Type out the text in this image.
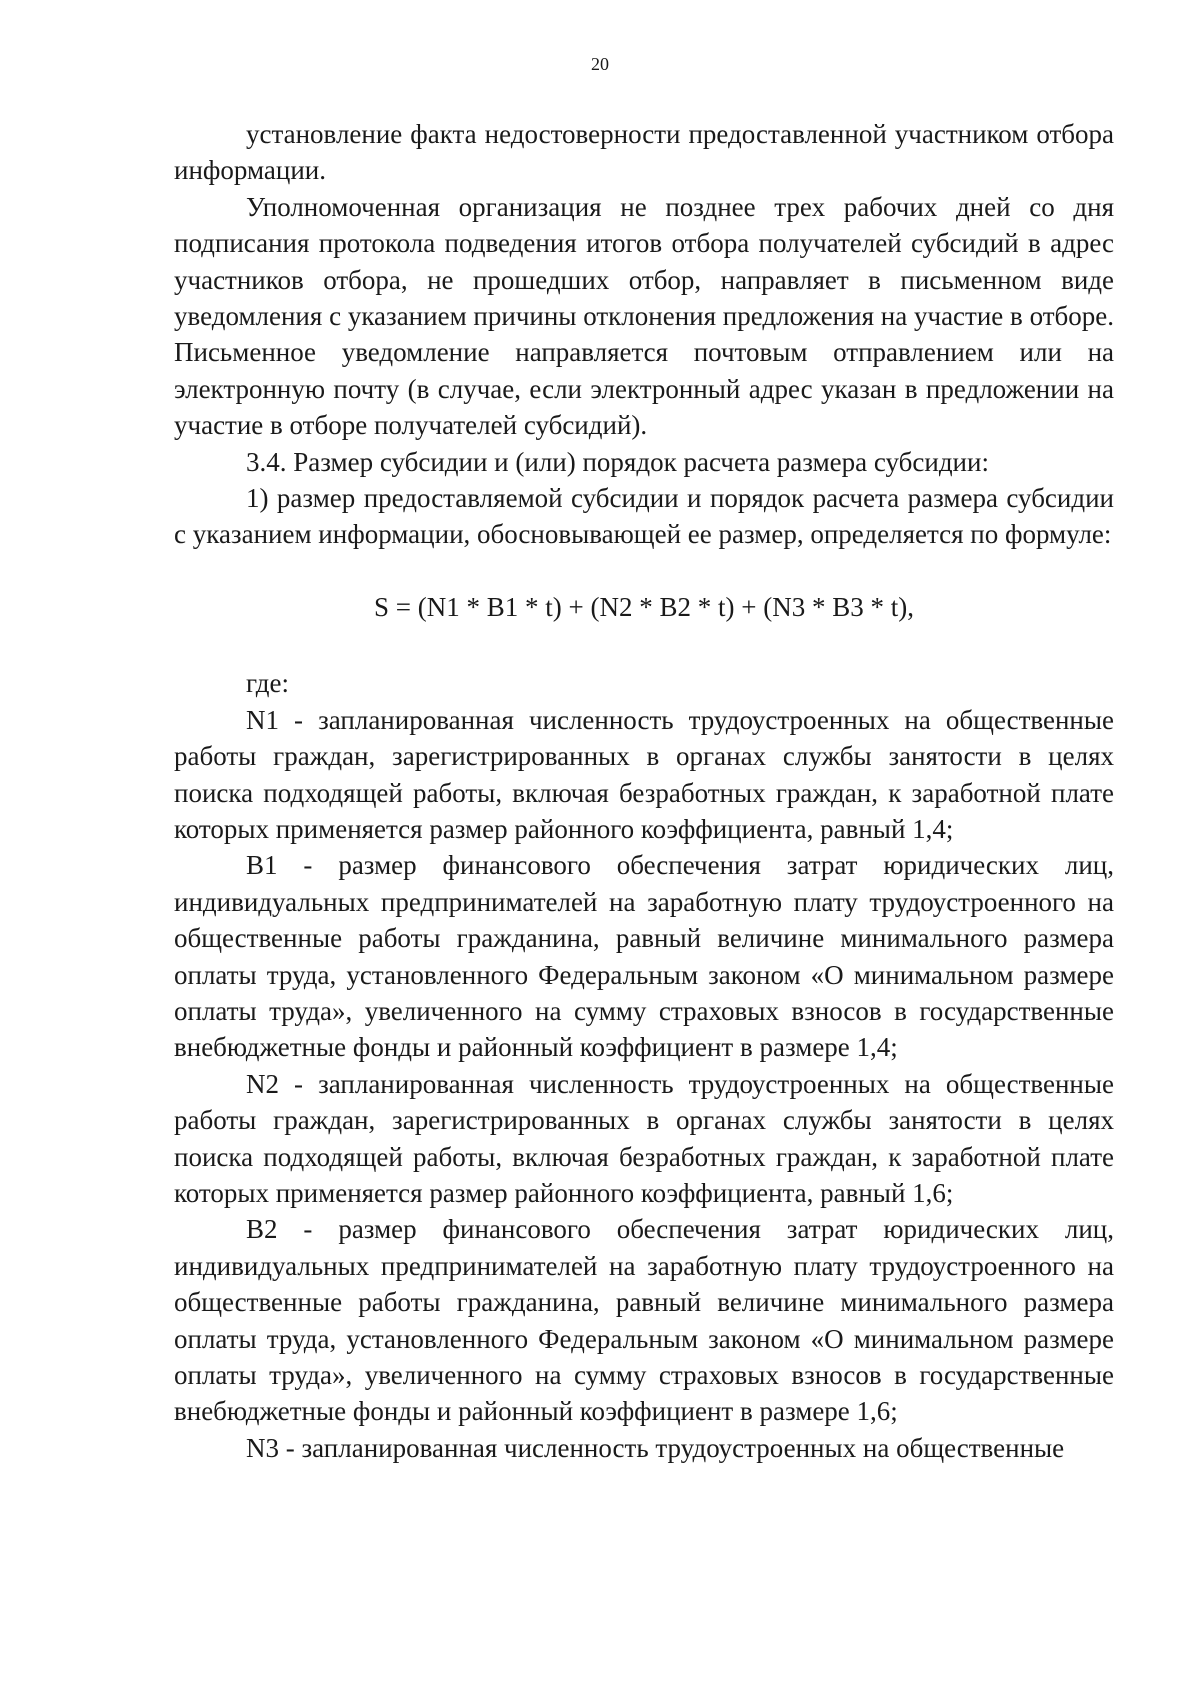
20

установление факта недостоверности предоставленной участником отбора информации.

Уполномоченная организация не позднее трех рабочих дней со дня подписания протокола подведения итогов отбора получателей субсидий в адрес участников отбора, не прошедших отбор, направляет в письменном виде уведомления с указанием причины отклонения предложения на участие в отборе. Письменное уведомление направляется почтовым отправлением или на электронную почту (в случае, если электронный адрес указан в предложении на участие в отборе получателей субсидий).

3.4. Размер субсидии и (или) порядок расчета размера субсидии:

1) размер предоставляемой субсидии и порядок расчета размера субсидии с указанием информации, обосновывающей ее размер, определяется по формуле:

S = (N1 * B1 * t) + (N2 * B2 * t) + (N3 * B3 * t),

где:

N1 - запланированная численность трудоустроенных на общественные работы граждан, зарегистрированных в органах службы занятости в целях поиска подходящей работы, включая безработных граждан, к заработной плате которых применяется размер районного коэффициента, равный 1,4;

B1 - размер финансового обеспечения затрат юридических лиц, индивидуальных предпринимателей на заработную плату трудоустроенного на общественные работы гражданина, равный величине минимального размера оплаты труда, установленного Федеральным законом «О минимальном размере оплаты труда», увеличенного на сумму страховых взносов в государственные внебюджетные фонды и районный коэффициент в размере 1,4;

N2 - запланированная численность трудоустроенных на общественные работы граждан, зарегистрированных в органах службы занятости в целях поиска подходящей работы, включая безработных граждан, к заработной плате которых применяется размер районного коэффициента, равный 1,6;

B2 - размер финансового обеспечения затрат юридических лиц, индивидуальных предпринимателей на заработную плату трудоустроенного на общественные работы гражданина, равный величине минимального размера оплаты труда, установленного Федеральным законом «О минимальном размере оплаты труда», увеличенного на сумму страховых взносов в государственные внебюджетные фонды и районный коэффициент в размере 1,6;

N3 - запланированная численность трудоустроенных на общественные
